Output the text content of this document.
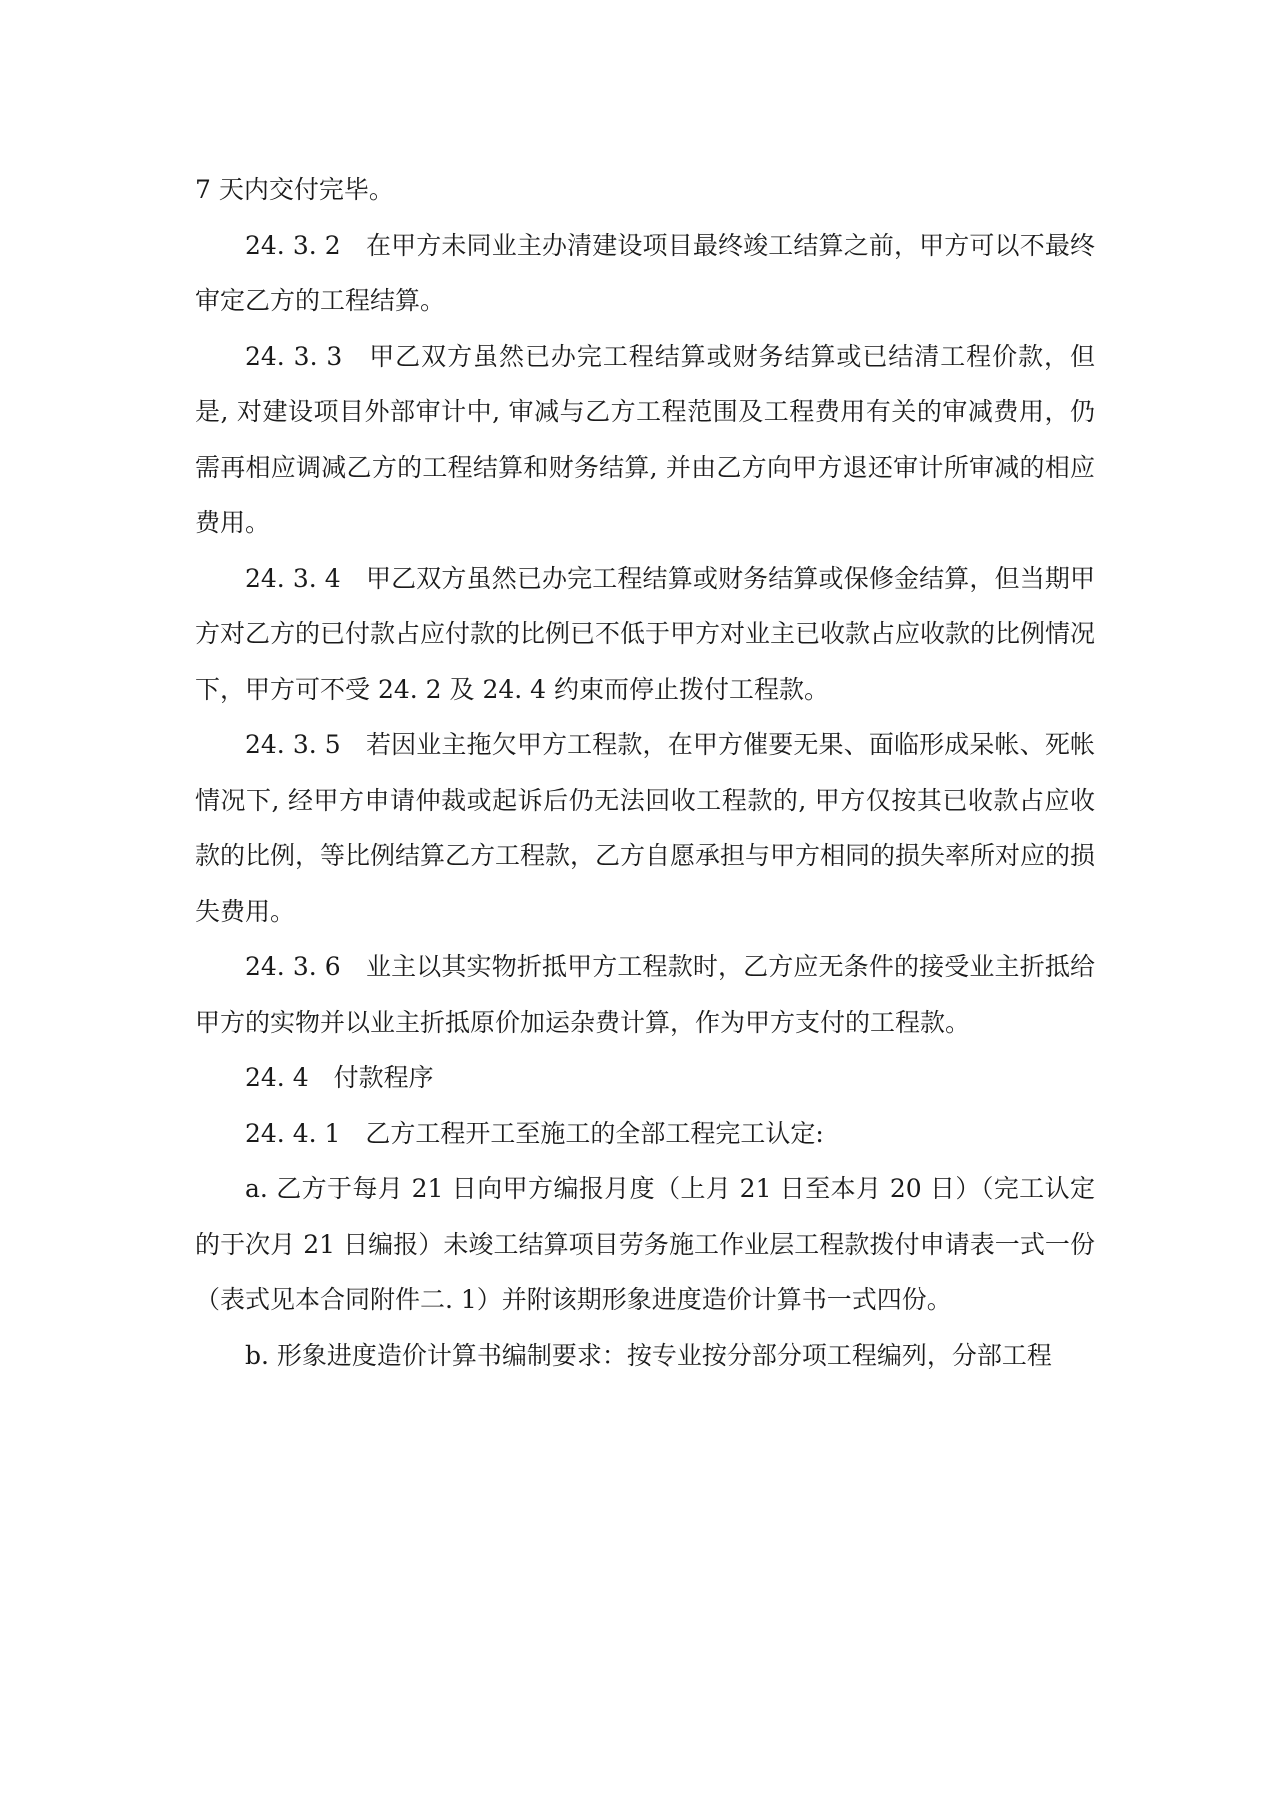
7 天内交付完毕。

24. 3. 2　在甲方未同业主办清建设项目最终竣工结算之前，甲方可以不最终审定乙方的工程结算。

24. 3. 3　甲乙双方虽然已办完工程结算或财务结算或已结清工程价款，但是, 对建设项目外部审计中, 审减与乙方工程范围及工程费用有关的审减费用，仍需再相应调减乙方的工程结算和财务结算, 并由乙方向甲方退还审计所审减的相应费用。

24. 3. 4　甲乙双方虽然已办完工程结算或财务结算或保修金结算，但当期甲方对乙方的已付款占应付款的比例已不低于甲方对业主已收款占应收款的比例情况下，甲方可不受 24. 2 及 24. 4 约束而停止拨付工程款。

24. 3. 5　若因业主拖欠甲方工程款，在甲方催要无果、面临形成呆帐、死帐情况下, 经甲方申请仲裁或起诉后仍无法回收工程款的, 甲方仅按其已收款占应收款的比例，等比例结算乙方工程款，乙方自愿承担与甲方相同的损失率所对应的损失费用。

24. 3. 6　业主以其实物折抵甲方工程款时，乙方应无条件的接受业主折抵给甲方的实物并以业主折抵原价加运杂费计算，作为甲方支付的工程款。

24. 4　付款程序

24. 4. 1　乙方工程开工至施工的全部工程完工认定:

a. 乙方于每月 21 日向甲方编报月度（上月 21 日至本月 20 日）（完工认定的于次月 21 日编报）未竣工结算项目劳务施工作业层工程款拨付申请表一式一份（表式见本合同附件二. 1）并附该期形象进度造价计算书一式四份。

b. 形象进度造价计算书编制要求：按专业按分部分项工程编列，分部工程
